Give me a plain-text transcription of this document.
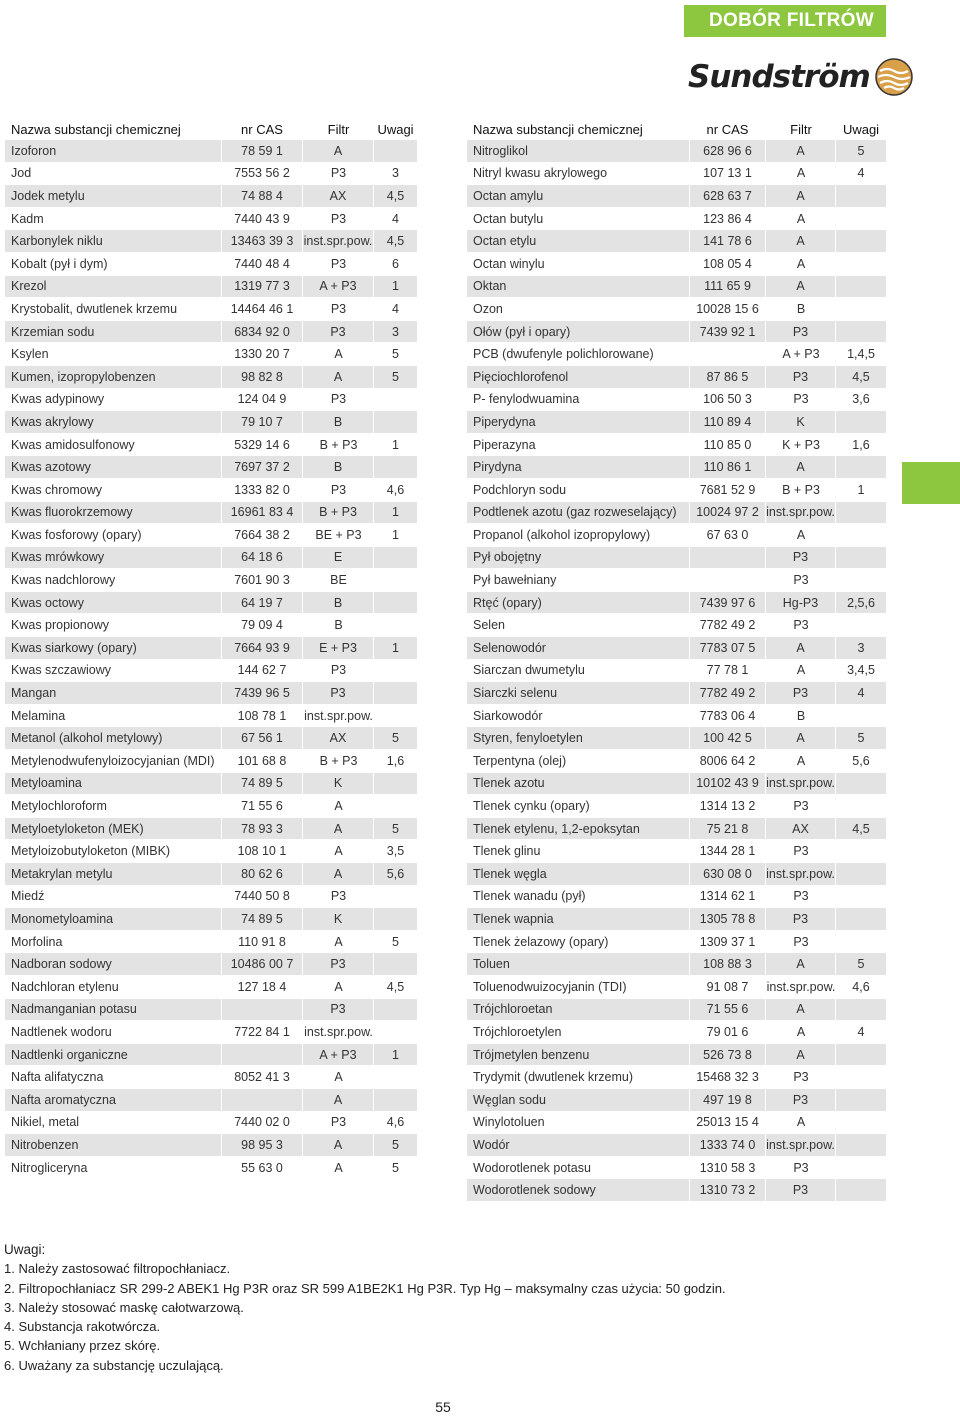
DOBÓR FILTRÓW
Sundström
Nazwa substancji chemicznej	nr CAS	Filtr	Uwagi
Izoforon	78 59 1	A	
Jod	7553 56 2	P3	3
Jodek metylu	74 88 4	AX	4,5
Kadm	7440 43 9	P3	4
Karbonylek niklu	13463 39 3	inst.spr.pow.	4,5
Kobalt (pył i dym)	7440 48 4	P3	6
Krezol	1319 77 3	A + P3	1
Krystobalit, dwutlenek krzemu	14464 46 1	P3	4
Krzemian sodu	6834 92 0	P3	3
Ksylen	1330 20 7	A	5
Kumen, izopropylobenzen	98 82 8	A	5
Kwas adypinowy	124 04 9	P3	
Kwas akrylowy	79 10 7	B	
Kwas amidosulfonowy	5329 14 6	B + P3	1
Kwas azotowy	7697 37 2	B	
Kwas chromowy	1333 82 0	P3	4,6
Kwas fluorokrzemowy	16961 83 4	B + P3	1
Kwas fosforowy (opary)	7664 38 2	BE + P3	1
Kwas mrówkowy	64 18 6	E	
Kwas nadchlorowy	7601 90 3	BE	
Kwas octowy	64 19 7	B	
Kwas propionowy	79 09 4	B	
Kwas siarkowy (opary)	7664 93 9	E + P3	1
Kwas szczawiowy	144 62 7	P3	
Mangan	7439 96 5	P3	
Melamina	108 78 1	inst.spr.pow.	
Metanol (alkohol metylowy)	67 56 1	AX	5
Metylenodwufenyloizocyjanian (MDI)	101 68 8	B + P3	1,6
Metyloamina	74 89 5	K	
Metylochloroform	71 55 6	A	
Metyloetyloketon (MEK)	78 93 3	A	5
Metyloizobutyloketon (MIBK)	108 10 1	A	3,5
Metakrylan metylu	80 62 6	A	5,6
Miedź	7440 50 8	P3	
Monometyloamina	74 89 5	K	
Morfolina	110 91 8	A	5
Nadboran sodowy	10486 00 7	P3	
Nadchloran etylenu	127 18 4	A	4,5
Nadmanganian potasu		P3	
Nadtlenek wodoru	7722 84 1	inst.spr.pow.	
Nadtlenki organiczne		A + P3	1
Nafta alifatyczna	8052 41 3	A	
Nafta aromatyczna		A	
Nikiel, metal	7440 02 0	P3	4,6
Nitrobenzen	98 95 3	A	5
Nitrogliceryna	55 63 0	A	5
Nazwa substancji chemicznej	nr CAS	Filtr	Uwagi
Nitroglikol	628 96 6	A	5
Nitryl kwasu akrylowego	107 13 1	A	4
Octan amylu	628 63 7	A	
Octan butylu	123 86 4	A	
Octan etylu	141 78 6	A	
Octan winylu	108 05 4	A	
Oktan	111 65 9	A	
Ozon	10028 15 6	B	
Ołów (pył i opary)	7439 92 1	P3	
PCB (dwufenyle polichlorowane)		A + P3	1,4,5
Pięciochlorofenol	87 86 5	P3	4,5
P- fenylodwuamina	106 50 3	P3	3,6
Piperydyna	110 89 4	K	
Piperazyna	110 85 0	K + P3	1,6
Pirydyna	110 86 1	A	
Podchloryn sodu	7681 52 9	B + P3	1
Podtlenek azotu (gaz rozweselający)	10024 97 2	inst.spr.pow.	
Propanol (alkohol izopropylowy)	67 63 0	A	
Pył obojętny		P3	
Pył bawełniany		P3	
Rtęć (opary)	7439 97 6	Hg-P3	2,5,6
Selen	7782 49 2	P3	
Selenowodór	7783 07 5	A	3
Siarczan dwumetylu	77 78 1	A	3,4,5
Siarczki selenu	7782 49 2	P3	4
Siarkowodór	7783 06 4	B	
Styren, fenyloetylen	100 42 5	A	5
Terpentyna (olej)	8006 64 2	A	5,6
Tlenek azotu	10102 43 9	inst.spr.pow.	
Tlenek cynku (opary)	1314 13 2	P3	
Tlenek etylenu, 1,2-epoksytan	75 21 8	AX	4,5
Tlenek glinu	1344 28 1	P3	
Tlenek węgla	630 08 0	inst.spr.pow.	
Tlenek wanadu (pył)	1314 62 1	P3	
Tlenek wapnia	1305 78 8	P3	
Tlenek żelazowy (opary)	1309 37 1	P3	
Toluen	108 88 3	A	5
Toluenodwuizocyjanin (TDI)	91 08 7	inst.spr.pow.	4,6
Trójchloroetan	71 55 6	A	
Trójchloroetylen	79 01 6	A	4
Trójmetylen benzenu	526 73 8	A	
Trydymit (dwutlenek krzemu)	15468 32 3	P3	
Węglan sodu	497 19 8	P3	
Winylotoluen	25013 15 4	A	
Wodór	1333 74 0	inst.spr.pow.	
Wodorotlenek potasu	1310 58 3	P3	
Wodorotlenek sodowy	1310 73 2	P3	
Uwagi:
1. Należy zastosować filtropochłaniacz.
2. Filtropochłaniacz SR 299-2 ABEK1 Hg P3R oraz SR 599 A1BE2K1 Hg P3R. Typ Hg – maksymalny czas użycia: 50 godzin.
3. Należy stosować maskę całotwarzową.
4. Substancja rakotwórcza.
5. Wchłaniany przez skórę.
6. Uważany za substancję uczulającą.
55
